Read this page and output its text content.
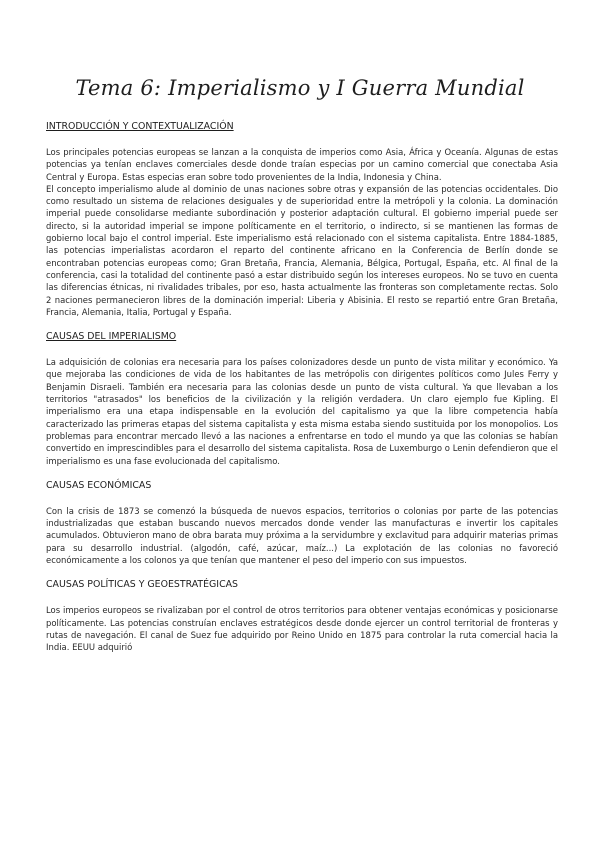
Tema 6: Imperialismo y I Guerra Mundial
INTRODUCCIÓN Y CONTEXTUALIZACIÓN

Los principales potencias europeas se lanzan a la conquista de imperios como Asia, África y Oceanía. Algunas de estas potencias ya tenían enclaves comerciales desde donde traían especias por un camino comercial que conectaba Asia Central y Europa. Estas especias eran sobre todo provenientes de la India, Indonesia y China.

El concepto imperialismo alude al dominio de unas naciones sobre otras y expansión de las potencias occidentales. Dio como resultado un sistema de relaciones desiguales y de superioridad entre la metrópoli y la colonia. La dominación imperial puede consolidarse mediante subordinación y posterior adaptación cultural. El gobierno imperial puede ser directo, si la autoridad imperial se impone políticamente en el territorio, o indirecto, si se mantienen las formas de gobierno local bajo el control imperial. Este imperialismo está relacionado con el sistema capitalista. Entre 1884-1885, las potencias imperialistas acordaron el reparto del continente africano en la Conferencia de Berlín donde se encontraban potencias europeas como; Gran Bretaña, Francia, Alemania, Bélgica, Portugal, España, etc. Al final de la conferencia, casi la totalidad del continente pasó a estar distribuido según los intereses europeos. No se tuvo en cuenta las diferencias étnicas, ni rivalidades tribales, por eso, hasta actualmente las fronteras son completamente rectas. Solo 2 naciones permanecieron libres de la dominación imperial: Liberia y Abisinia. El resto se repartió entre Gran Bretaña, Francia, Alemania, Italia, Portugal y España.

CAUSAS DEL IMPERIALISMO

La adquisición de colonias era necesaria para los países colonizadores desde un punto de vista militar y económico. Ya que mejoraba las condiciones de vida de los habitantes de las metrópolis con dirigentes políticos como Jules Ferry y Benjamin Disraeli. También era necesaria para las colonias desde un punto de vista cultural. Ya que llevaban a los territorios "atrasados" los beneficios de la civilización y la religión verdadera. Un claro ejemplo fue Kipling. El imperialismo era una etapa indispensable en la evolución del capitalismo ya que la libre competencia había caracterizado las primeras etapas del sistema capitalista y esta misma estaba siendo sustituida por los monopolios. Los problemas para encontrar mercado llevó a las naciones a enfrentarse en todo el mundo ya que las colonias se habían convertido en imprescindibles para el desarrollo del sistema capitalista. Rosa de Luxemburgo o Lenin defendieron que el imperialismo es una fase evolucionada del capitalismo.

CAUSAS ECONÓMICAS

Con la crisis de 1873 se comenzó la búsqueda de nuevos espacios, territorios o colonias por parte de las potencias industrializadas que estaban buscando nuevos mercados donde vender las manufacturas e invertir los capitales acumulados. Obtuvieron mano de obra barata muy próxima a la servidumbre y exclavitud para adquirir materias primas para su desarrollo industrial. (algodón, café, azúcar, maíz...) La explotación de las colonias no favoreció económicamente a los colonos ya que tenían que mantener el peso del imperio con sus impuestos.

CAUSAS POLÍTICAS Y GEOESTRATÉGICAS

Los imperios europeos se rivalizaban por el control de otros territorios para obtener ventajas económicas y posicionarse políticamente. Las potencias construían enclaves estratégicos desde donde ejercer un control territorial de fronteras y rutas de navegación. El canal de Suez fue adquirido por Reino Unido en 1875 para controlar la ruta comercial hacia la India. EEUU adquirió
